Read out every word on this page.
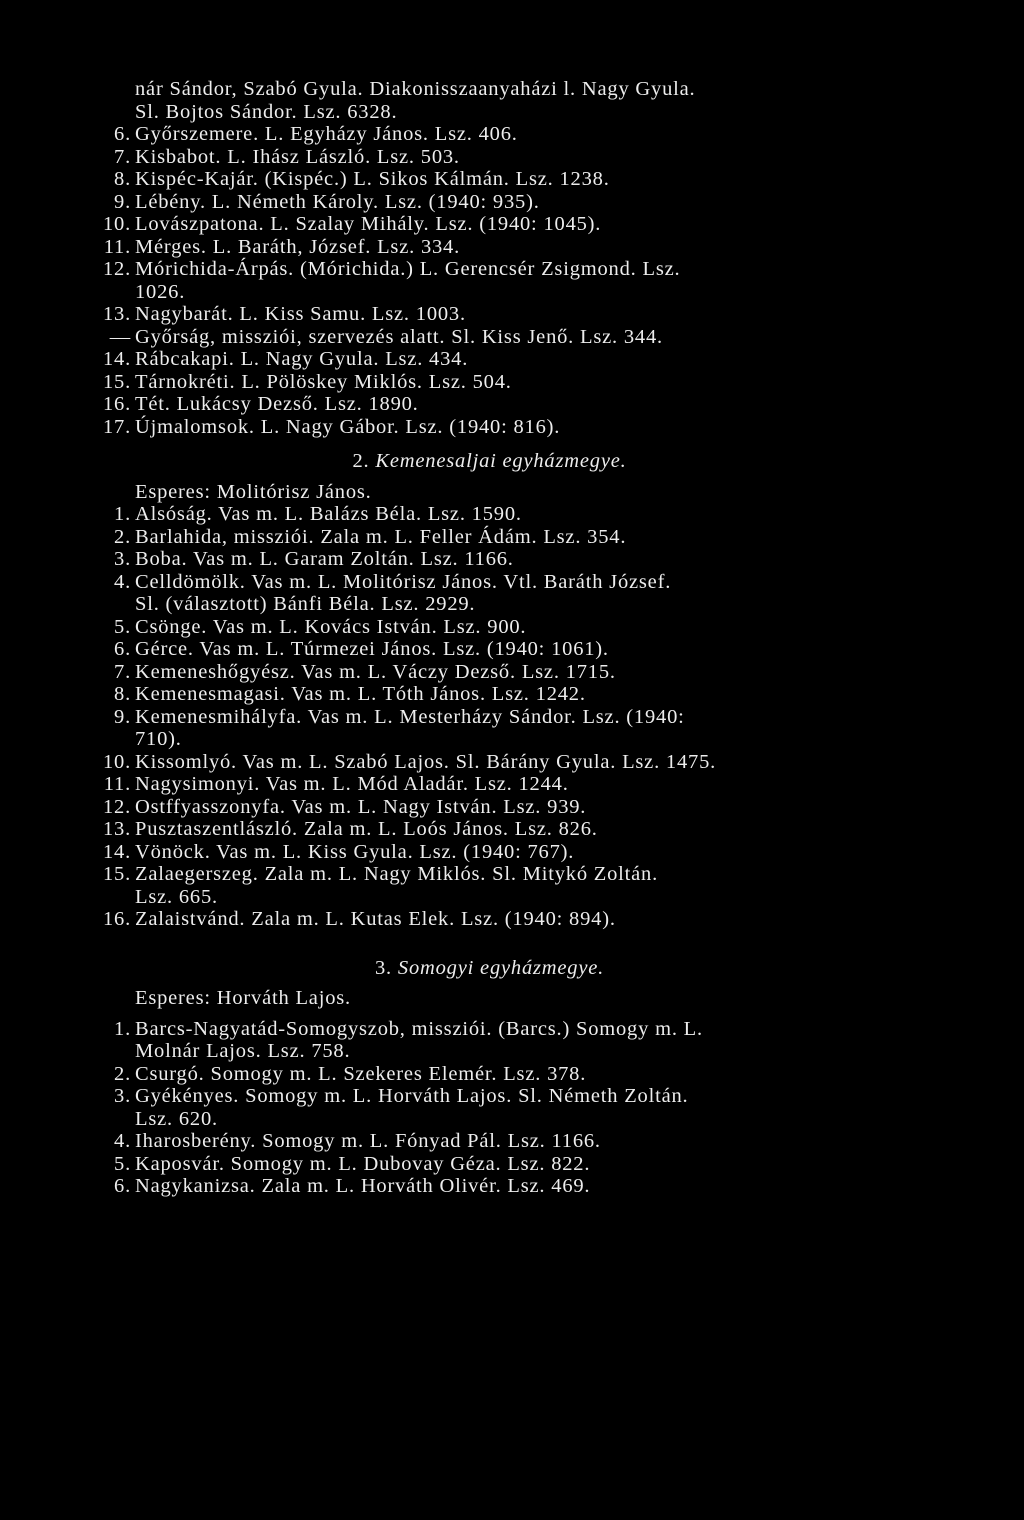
nár Sándor, Szabó Gyula. Diakonisszaanyaházi l. Nagy Gyula.
Sl. Bojtos Sándor. Lsz. 6328.
6. Győrszemere. L. Egyházy János. Lsz. 406.
7. Kisbabot. L. Ihász László. Lsz. 503.
8. Kispéc-Kajár. (Kispéc.) L. Sikos Kálmán. Lsz. 1238.
9. Lébény. L. Németh Károly. Lsz. (1940: 935).
10. Lovászpatona. L. Szalay Mihály. Lsz. (1940: 1045).
11. Mérges. L. Baráth, József. Lsz. 334.
12. Mórichida-Árpás. (Mórichida.) L. Gerencsér Zsigmond. Lsz.
1026.
13. Nagybarát. L. Kiss Samu. Lsz. 1003.
— Győrság, missziói, szervezés alatt. Sl. Kiss Jenő. Lsz. 344.
14. Rábcakapi. L. Nagy Gyula. Lsz. 434.
15. Tárnokréti. L. Pölöskey Miklós. Lsz. 504.
16. Tét. Lukácsy Dezső. Lsz. 1890.
17. Újmalomsok. L. Nagy Gábor. Lsz. (1940: 816).
2. Kemenesaljai egyházmegye.
Esperes: Molitórisz János.
1. Alsóság. Vas m. L. Balázs Béla. Lsz. 1590.
2. Barlahida, missziói. Zala m. L. Feller Ádám. Lsz. 354.
3. Boba. Vas m. L. Garam Zoltán. Lsz. 1166.
4. Celldömölk. Vas m. L. Molitórisz János. Vtl. Baráth József.
Sl. (választott) Bánfi Béla. Lsz. 2929.
5. Csönge. Vas m. L. Kovács István. Lsz. 900.
6. Gérce. Vas m. L. Túrmezei János. Lsz. (1940: 1061).
7. Kemeneshőgyész. Vas m. L. Váczy Dezső. Lsz. 1715.
8. Kemenesmagasi. Vas m. L. Tóth János. Lsz. 1242.
9. Kemenesmihályfa. Vas m. L. Mesterházy Sándor. Lsz. (1940:
710).
10. Kissomlyó. Vas m. L. Szabó Lajos. Sl. Bárány Gyula. Lsz. 1475.
11. Nagysimonyi. Vas m. L. Mód Aladár. Lsz. 1244.
12. Ostffyasszonyfa. Vas m. L. Nagy István. Lsz. 939.
13. Pusztaszentlászló. Zala m. L. Loós János. Lsz. 826.
14. Vönöck. Vas m. L. Kiss Gyula. Lsz. (1940: 767).
15. Zalaegerszeg. Zala m. L. Nagy Miklós. Sl. Mitykó Zoltán.
Lsz. 665.
16. Zalaistvánd. Zala m. L. Kutas Elek. Lsz. (1940: 894).
3. Somogyi egyházmegye.
Esperes: Horváth Lajos.
1. Barcs-Nagyatád-Somogyszob, missziói. (Barcs.) Somogy m. L.
Molnár Lajos. Lsz. 758.
2. Csurgó. Somogy m. L. Szekeres Elemér. Lsz. 378.
3. Gyékényes. Somogy m. L. Horváth Lajos. Sl. Németh Zoltán.
Lsz. 620.
4. Iharosberény. Somogy m. L. Fónyad Pál. Lsz. 1166.
5. Kaposvár. Somogy m. L. Dubovay Géza. Lsz. 822.
6. Nagykanizsa. Zala m. L. Horváth Olivér. Lsz. 469.
